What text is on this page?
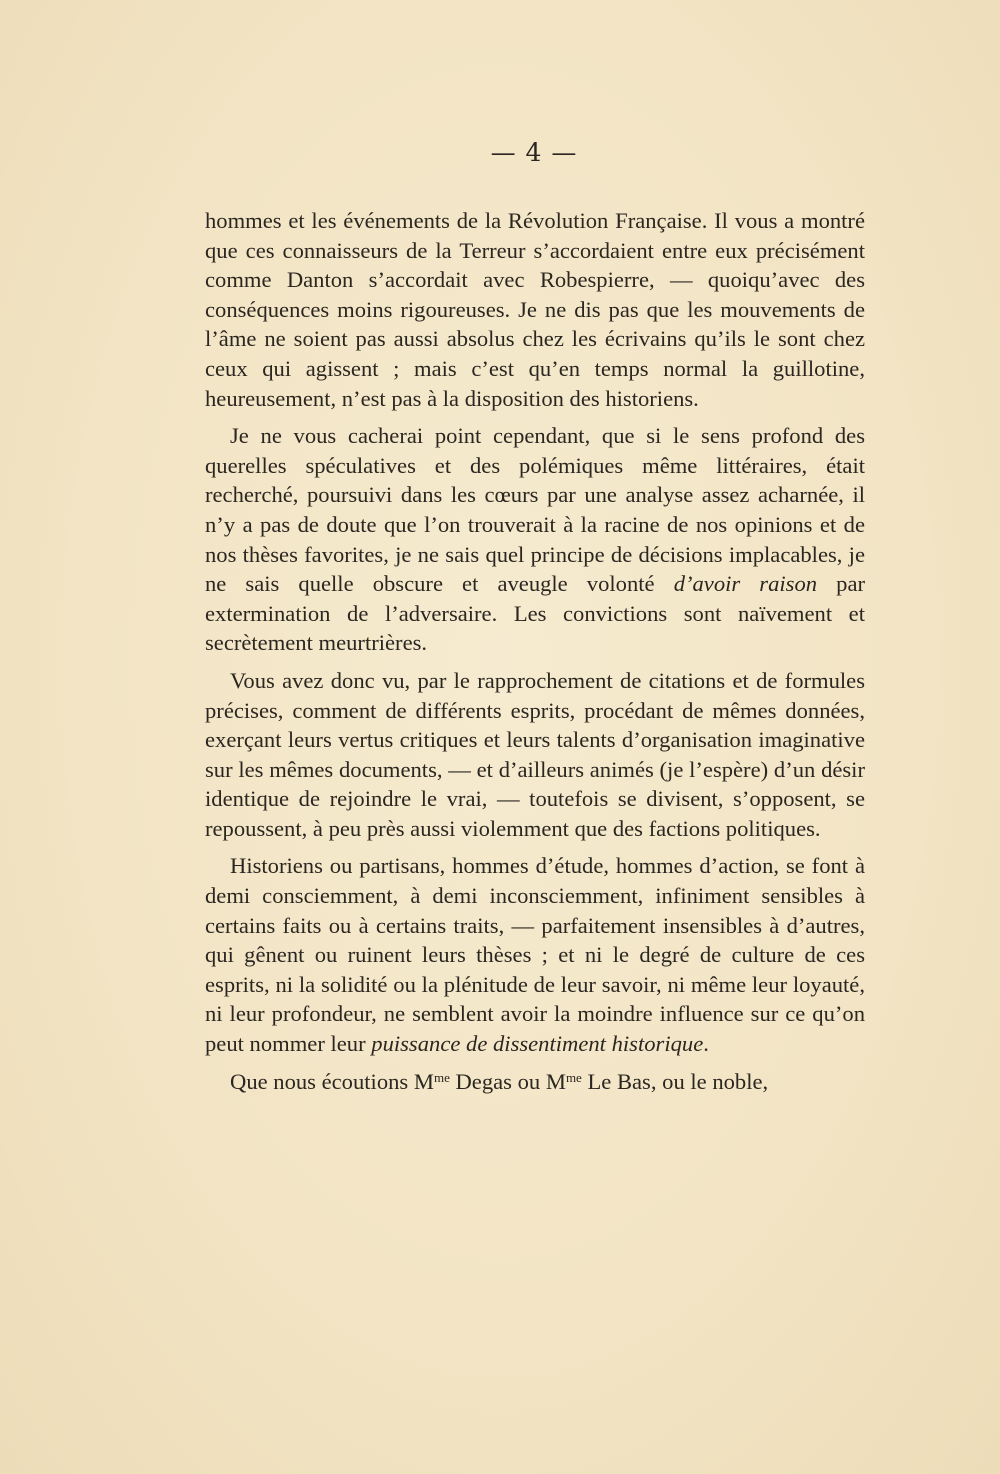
— 4 —

hommes et les événements de la Révolution Française. Il vous a montré que ces connaisseurs de la Terreur s’accordaient entre eux précisément comme Danton s’accordait avec Robespierre, — quoiqu’avec des conséquences moins rigoureuses. Je ne dis pas que les mouvements de l’âme ne soient pas aussi absolus chez les écrivains qu’ils le sont chez ceux qui agissent ; mais c’est qu’en temps normal la guillotine, heureusement, n’est pas à la disposition des historiens.

Je ne vous cacherai point cependant, que si le sens profond des querelles spéculatives et des polémiques même littéraires, était recherché, poursuivi dans les cœurs par une analyse assez acharnée, il n’y a pas de doute que l’on trouverait à la racine de nos opinions et de nos thèses favorites, je ne sais quel principe de décisions implacables, je ne sais quelle obscure et aveugle volonté d’avoir raison par extermination de l’adversaire. Les convictions sont naïvement et secrètement meurtrières.

Vous avez donc vu, par le rapprochement de citations et de formules précises, comment de différents esprits, procédant de mêmes données, exerçant leurs vertus critiques et leurs talents d’organisation imaginative sur les mêmes documents, — et d’ailleurs animés (je l’espère) d’un désir identique de rejoindre le vrai, — toutefois se divisent, s’opposent, se repoussent, à peu près aussi violemment que des factions politiques.

Historiens ou partisans, hommes d’étude, hommes d’action, se font à demi consciemment, à demi inconsciemment, infiniment sensibles à certains faits ou à certains traits, — parfaitement insensibles à d’autres, qui gênent ou ruinent leurs thèses ; et ni le degré de culture de ces esprits, ni la solidité ou la plénitude de leur savoir, ni même leur loyauté, ni leur profondeur, ne semblent avoir la moindre influence sur ce qu’on peut nommer leur puissance de dissentiment historique.

Que nous écoutions $M^{me}$ Degas ou $M^{me}$ Le Bas, ou le noble,
